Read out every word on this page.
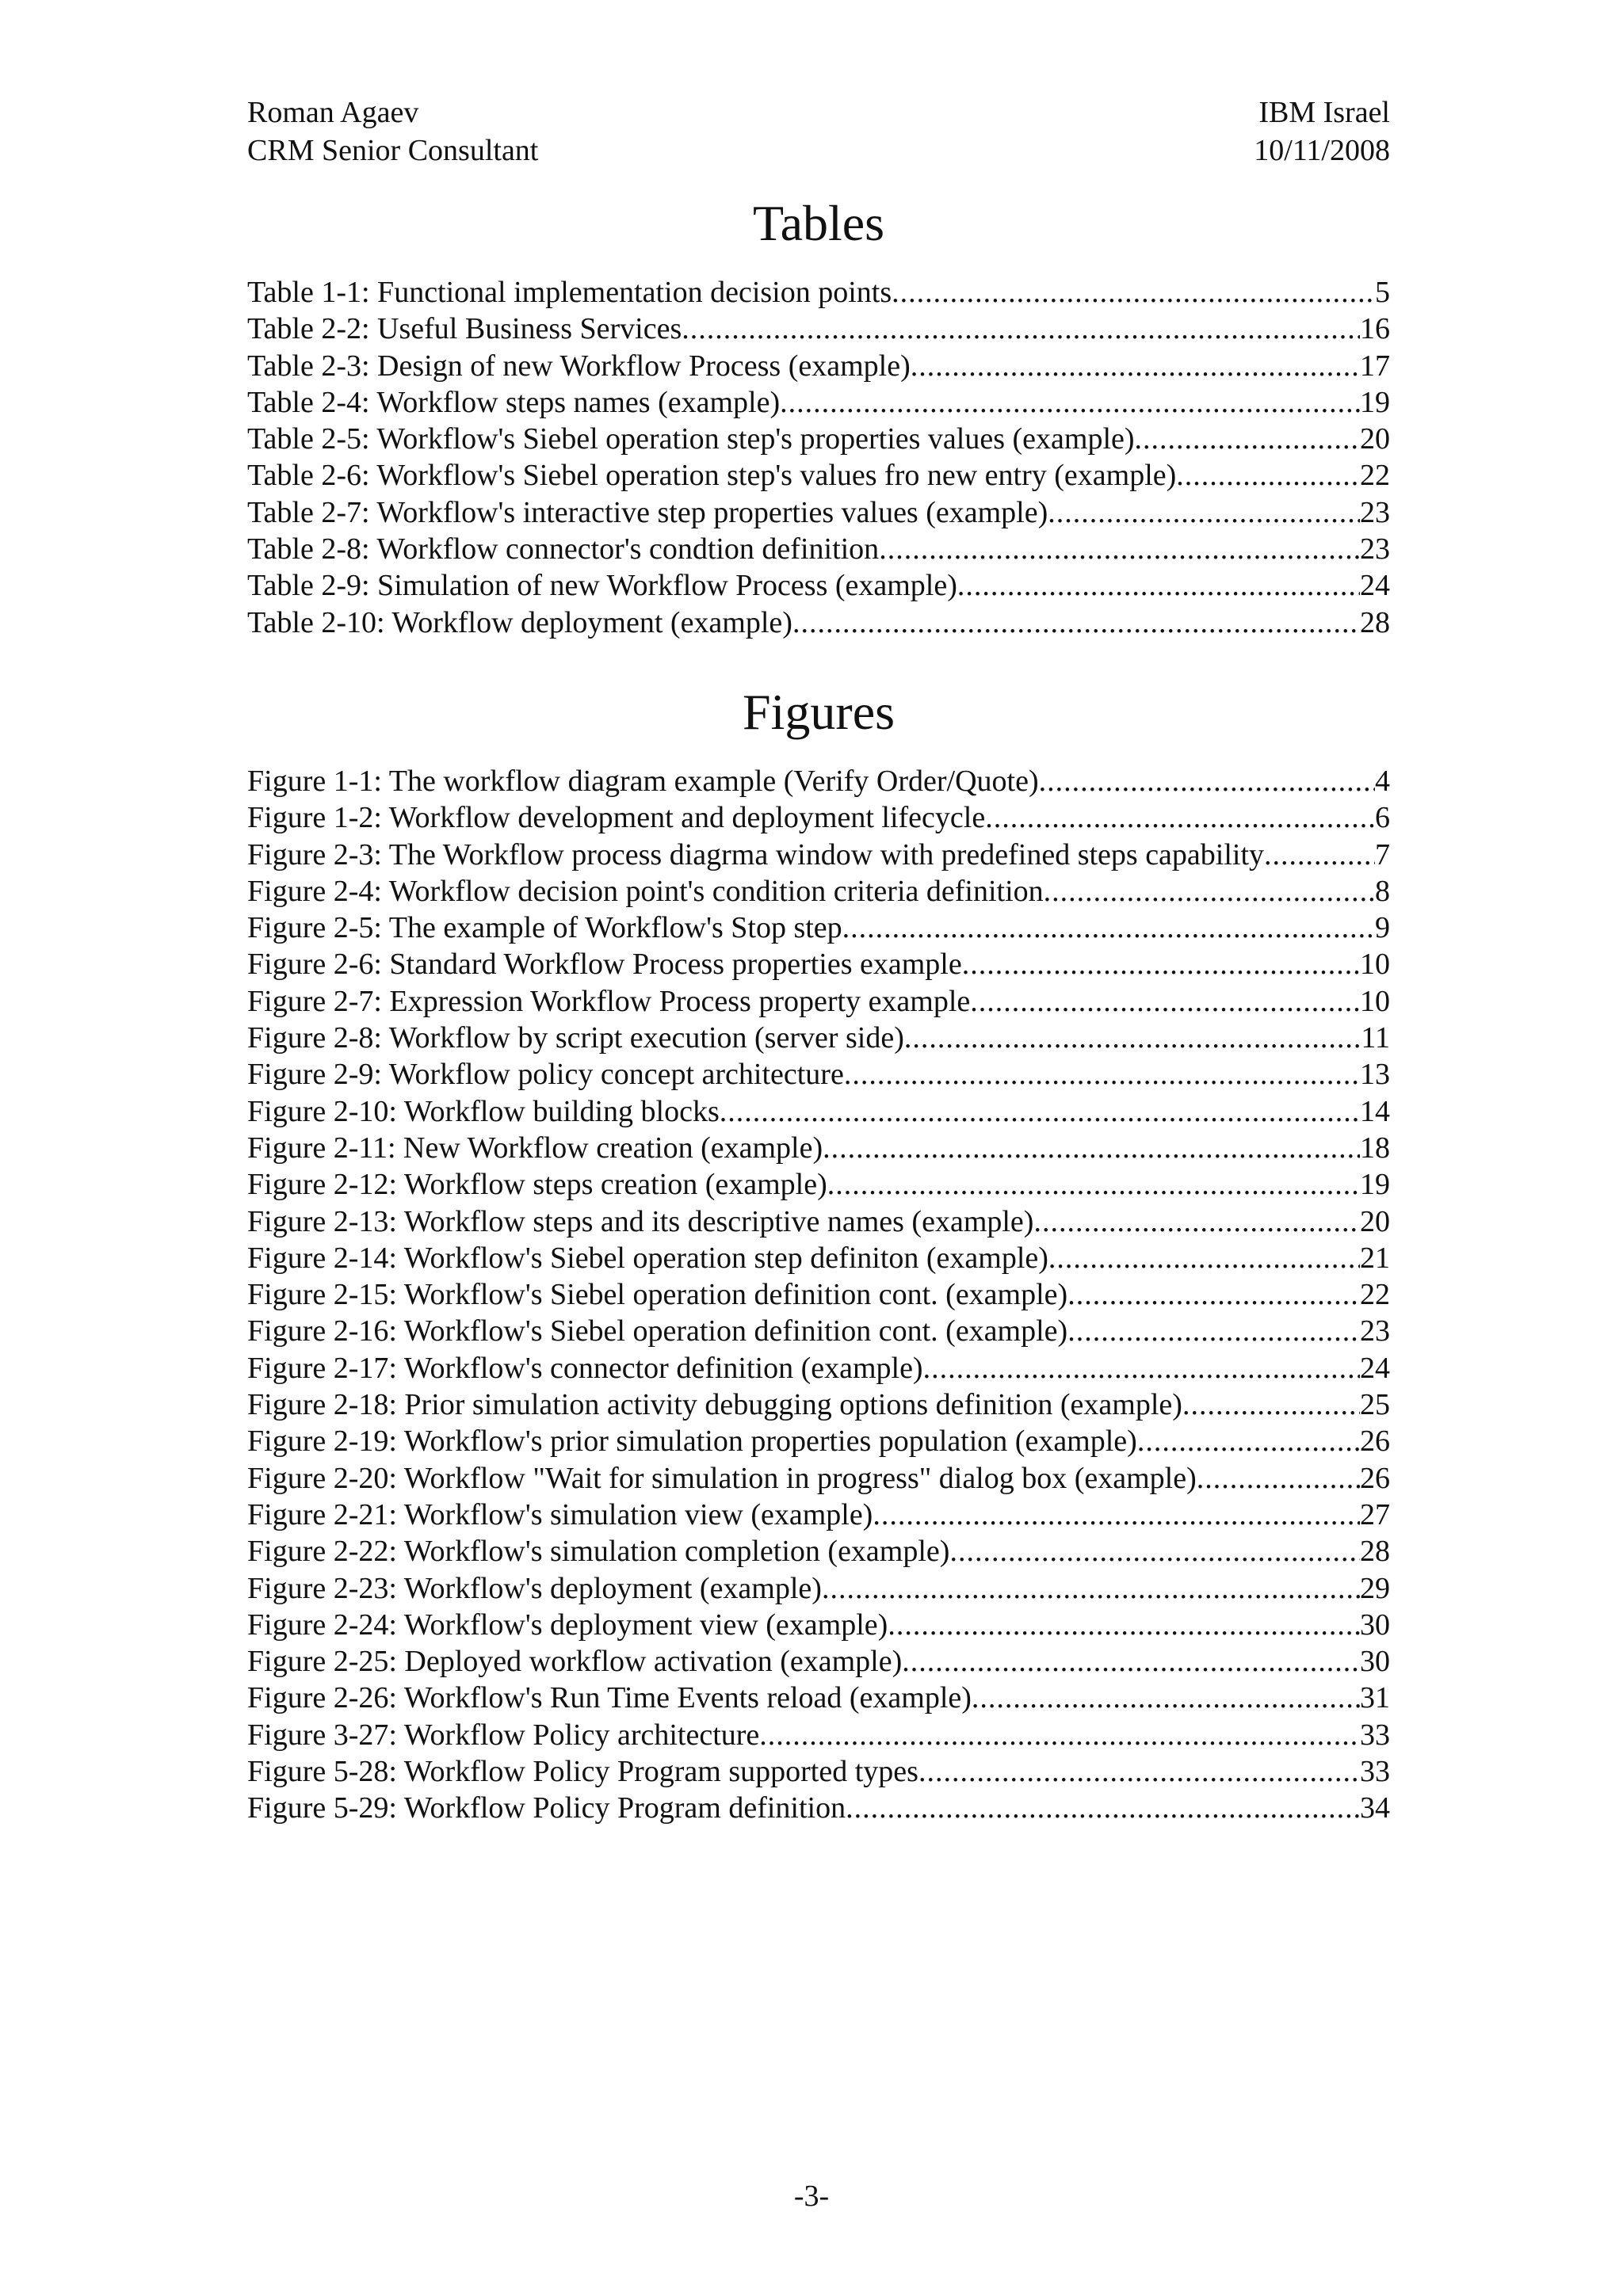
Roman Agaev	IBM Israel
CRM Senior Consultant	10/11/2008
Tables
Table 1-1: Functional implementation decision points .....	5
Table 2-2: Useful Business Services .....	16
Table 2-3: Design of new Workflow Process (example) .....	17
Table 2-4: Workflow steps names (example) .....	19
Table 2-5: Workflow's Siebel operation step's properties values (example) .....	20
Table 2-6: Workflow's Siebel operation step's values fro new entry (example) .....	22
Table 2-7: Workflow's interactive step properties values (example) .....	23
Table 2-8: Workflow connector's condtion definition .....	23
Table 2-9: Simulation of new Workflow Process (example) .....	24
Table 2-10: Workflow deployment (example) .....	28
Figures
Figure 1-1: The workflow diagram example (Verify Order/Quote) .....	4
Figure 1-2: Workflow development and deployment lifecycle .....	6
Figure 2-3: The Workflow process diagrma window with predefined steps capability .....	7
Figure 2-4: Workflow decision point's condition criteria definition .....	8
Figure 2-5: The example of Workflow's Stop step .....	9
Figure 2-6: Standard Workflow Process properties example .....	10
Figure 2-7: Expression Workflow Process property example .....	10
Figure 2-8: Workflow by script execution (server side) .....	11
Figure 2-9: Workflow policy concept architecture .....	13
Figure 2-10: Workflow building blocks .....	14
Figure 2-11: New Workflow creation (example) .....	18
Figure 2-12: Workflow steps creation (example) .....	19
Figure 2-13: Workflow steps and its descriptive names (example) .....	20
Figure 2-14: Workflow's Siebel operation step definiton (example) .....	21
Figure 2-15: Workflow's Siebel operation definition cont. (example) .....	22
Figure 2-16: Workflow's Siebel operation definition cont. (example) .....	23
Figure 2-17: Workflow's connector definition (example) .....	24
Figure 2-18: Prior simulation activity debugging options definition (example) .....	25
Figure 2-19: Workflow's prior simulation properties population (example) .....	26
Figure 2-20: Workflow "Wait for simulation in progress" dialog box (example) .....	26
Figure 2-21: Workflow's simulation view (example) .....	27
Figure 2-22: Workflow's simulation completion (example) .....	28
Figure 2-23: Workflow's deployment (example) .....	29
Figure 2-24: Workflow's deployment view (example) .....	30
Figure 2-25: Deployed workflow activation (example) .....	30
Figure 2-26: Workflow's Run Time Events reload (example) .....	31
Figure 3-27: Workflow Policy architecture .....	33
Figure 5-28: Workflow Policy Program supported types .....	33
Figure 5-29: Workflow Policy Program definition .....	34
-3-
